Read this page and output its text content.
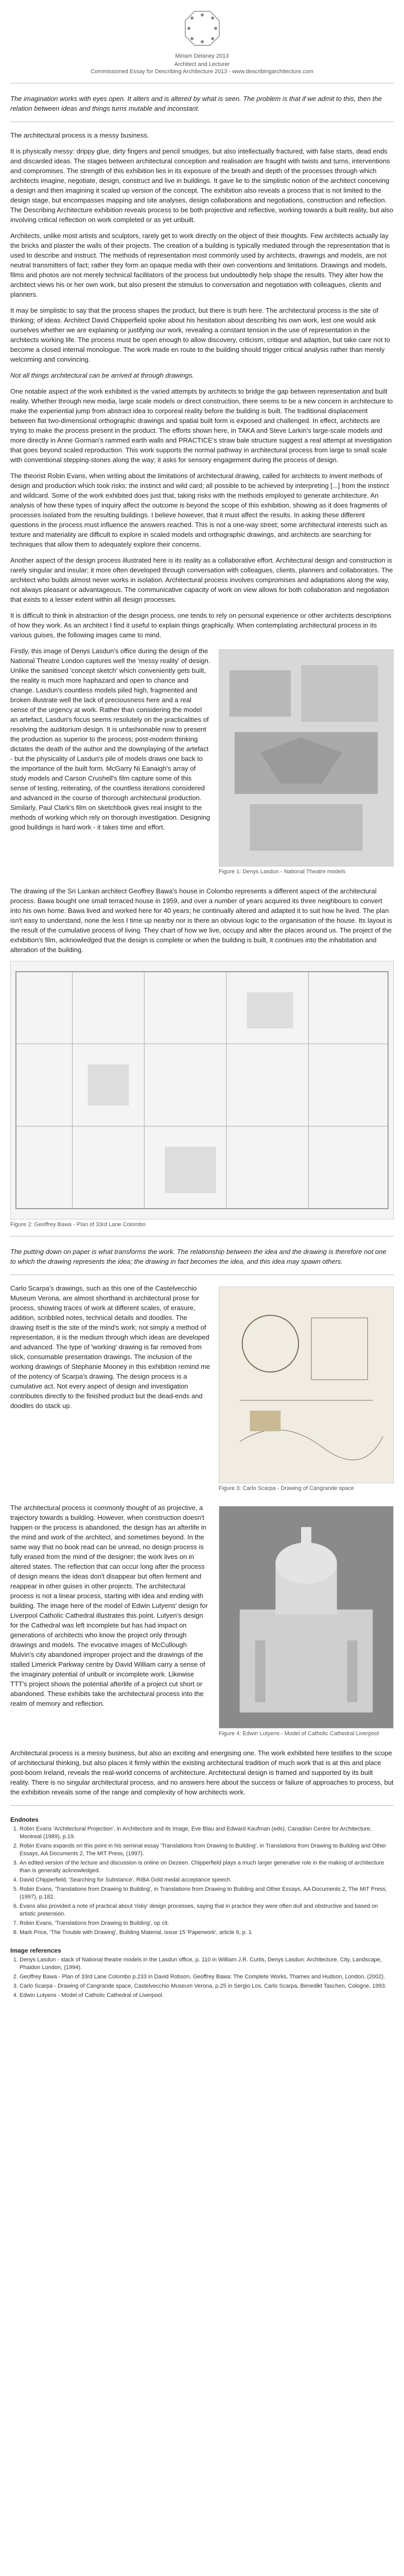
Miriam Delaney 2013
Architect and Lecturer
Commissioned Essay for Describing Architecture 2013 - www.describingarchitecture.com
The imagination works with eyes open. It alters and is altered by what is seen. The problem is that if we admit to this, then the relation between ideas and things turns mutable and inconstant.

The architectural process is a messy business.

It is physically messy: drippy glue, dirty fingers and pencil smudges, but also intellectually fractured, with false starts, dead ends and discarded ideas. The stages between architectural conception and realisation are fraught with twists and turns, interventions and compromises. The strength of this exhibition lies in its exposure of the breath and depth of the processes through which architects imagine, negotiate, design, construct and live in buildings. It gave lie to the simplistic notion of the architect conceiving a design and then imagining it scaled up version of the concept. The exhibition also reveals a process that is not limited to the design stage, but encompasses mapping and site analyses, design collaborations and negotiations, construction and reflection. The Describing Architecture exhibition reveals process to be both projective and reflective, working towards a built reality, but also involving critical reflection on work completed or as yet unbuilt.

Architects, unlike most artists and sculptors, rarely get to work directly on the object of their thoughts. Few architects actually lay the bricks and plaster the walls of their projects. The creation of a building is typically mediated through the representation that is used to describe and instruct. The methods of representation most commonly used by architects, drawings and models, are not neutral transmitters of fact; rather they form an opaque media with their own conventions and limitations. Drawings and models, films and photos are not merely technical facilitators of the process but undoubtedly help shape the results. They alter how the architect views his or her own work, but also present the stimulus to conversation and negotiation with colleagues, clients and planners.

It may be simplistic to say that the process shapes the product, but there is truth here. The architectural process is the site of thinking; of ideas. Architect David Chipperfield spoke about his hesitation about describing his own work, lest one would ask ourselves whether we are explaining or justifying our work, revealing a constant tension in the use of representation in the architects working life. The process must be open enough to allow discovery, criticism, critique and adaption, but take care not to become a closed internal monologue. The work made en route to the building should trigger critical analysis rather than merely welcoming and convincing.

Not all things architectural can be arrived at through drawings.

One notable aspect of the work exhibited is the varied attempts by architects to bridge the gap between representation and built reality. Whether through new media, large scale models or direct construction, there seems to be a new concern in architecture to make the experiential jump from abstract idea to corporeal reality before the building is built. The traditional displacement between flat two-dimensional orthographic drawings and spatial built form is exposed and challenged. In effect, architects are trying to make the process present in the product. The efforts shown here, in TAKA and Steve Larkin's large-scale models and more directly in Anne Gorman's rammed earth walls and PRACTICE's straw bale structure suggest a real attempt at investigation that goes beyond scaled reproduction. This work supports the normal pathway in architectural process from large to small scale with conventional stepping-stones along the way; it asks for sensory engagement during the process of design.

The theorist Robin Evans, when writing about the limitations of architectural drawing, called for architects to invent methods of design and production which took risks: the instinct and wild card; all possible to be achieved by interpreting [...] from the instinct and wildcard. Some of the work exhibited does just that, taking risks with the methods employed to generate architecture. An analysis of how these types of inquiry affect the outcome is beyond the scope of this exhibition, showing as it does fragments of processes isolated from the resulting buildings. I believe however, that it must affect the results. In asking these different questions in the process must influence the answers reached. This is not a one-way street; some architectural interests such as texture and materiality are difficult to explore in scaled models and orthographic drawings, and architects are searching for techniques that allow them to adequately explore their concerns.

Another aspect of the design process illustrated here is its reality as a collaborative effort. Architectural design and construction is rarely singular and insular; it more often developed through conversation with colleagues, clients, planners and collaborators. The architect who builds almost never works in isolation. Architectural process involves compromises and adaptations along the way, not always pleasant or advantageous. The communicative capacity of work on view allows for both collaboration and negotiation that exists to a lesser extent within all design processes.

It is difficult to think in abstraction of the design process, one tends to rely on personal experience or other architects descriptions of how they work. As an architect I find it useful to explain things graphically. When contemplating architectural process in its various guises, the following images came to mind.

Figure 1: Denys Lasdun - National Theatre models

Firstly, this image of Denys Lasdun's office during the design of the National Theatre London captures well the 'messy reality' of design. Unlike the sanitised 'concept sketch' which conveniently gets built, the reality is much more haphazard and open to chance and change. Lasdun's countless models piled high, fragmented and broken illustrate well the lack of preciousness here and a real sense of the urgency at work. Rather than considering the model an artefact, Lasdun's focus seems resolutely on the practicalities of resolving the auditorium design. It is unfashionable now to present the production as superior to the process; post-modern thinking dictates the death of the author and the downplaying of the artefact - but the physicality of Lasdun's pile of models draws one back to the importance of the built form. McGarry Ni Eanaigh's array of study models and Carson Crushell's film capture some of this sense of testing, reiterating, of the countless iterations considered and advanced in the course of thorough architectural production. Similarly, Paul Clark's film on sketchbook gives real insight to the methods of working which rely on thorough investigation. Designing good buildings is hard work - it takes time and effort.

The drawing of the Sri Lankan architect Geoffrey Bawa's house in Colombo represents a different aspect of the architectural process. Bawa bought one small terraced house in 1959, and over a number of years acquired its three neighbours to convert into his own home. Bawa lived and worked here for 40 years; he continually altered and adapted it to suit how he lived. The plan isn't easy to understand, none the less I time up nearby nor is there an obvious logic to the organisation of the house. Its layout is the result of the cumulative process of living. They chart of how we live, occupy and alter the places around us. The project of the exhibition's film, acknowledged that the design is complete or when the building is built, it continues into the inhabitation and alteration of the building.

Figure 2: Geoffrey Bawa - Plan of 33rd Lane Colombo
The putting down on paper is what transforms the work. The relationship between the idea and the drawing is therefore not one to which the drawing represents the idea; the drawing in fact becomes the idea, and this idea may spawn others.
Figure 3: Carlo Scarpa - Drawing of Cangrande space

Carlo Scarpa's drawings, such as this one of the Castelvecchio Museum Verona, are almost shorthand in architectural prose for process, showing traces of work at different scales, of erasure, addition, scribbled notes, technical details and doodles. The drawing itself is the site of the mind's work; not simply a method of representation, it is the medium through which ideas are developed and advanced. The type of 'working' drawing is far removed from slick, consumable presentation drawings. The inclusion of the working drawings of Stephanie Mooney in this exhibition remind me of the potency of Scarpa's drawing. The design process is a cumulative act. Not every aspect of design and investigation contributes directly to the finished product but the dead-ends and doodles do stack up.

Figure 4: Edwin Lutyens - Model of Catholic Cathedral Liverpool

The architectural process is commonly thought of as projective, a trajectory towards a building. However, when construction doesn't happen or the process is abandoned, the design has an afterlife in the mind and work of the architect, and sometimes beyond. In the same way that no book read can be unread, no design process is fully erased from the mind of the designer; the work lives on in altered states. The reflection that can occur long after the process of design means the ideas don't disappear but often ferment and reappear in other guises in other projects. The architectural process is not a linear process, starting with idea and ending with building. The image here of the model of Edwin Lutyens' design for Liverpool Catholic Cathedral illustrates this point. Lutyen's design for the Cathedral was left incomplete but has had impact on generations of architects who know the project only through drawings and models. The evocative images of McCullough Mulvin's city abandoned improper project and the drawings of the stalled Limerick Parkway centre by David William carry a sense of the imaginary potential of unbuilt or incomplete work. Likewise TTT's project shows the potential afterlife of a project cut short or abandoned. These exhibits take the architectural process into the realm of memory and reflection.

Architectural process is a messy business, but also an exciting and energising one. The work exhibited here testifies to the scope of architectural thinking, but also places it firmly within the existing architectural tradition of much work that is at this and place post-boom Ireland, reveals the real-world concerns of architecture. Architectural design is framed and supported by its built reality. There is no singular architectural process, and no answers here about the success or failure of approaches to process, but the exhibition reveals some of the range and complexity of how architects work.

Endnotes
1. Robin Evans 'Architectural Projection', in Architecture and its Image, Eve Blau and Edward Kaufman (eds), Canadian Centre for Architecture, Montreal (1989), p.19.
2. Robin Evans expands on this point in his seminal essay 'Translations from Drawing to Building', in Translations from Drawing to Building and Other Essays, AA Documents 2, The MIT Press, (1997).
3. An edited version of the lecture and discussion is online on Dezeen. Chipperfield plays a much larger generative role in the making of architecture than is generally acknowledged.
4. David Chipperfield, 'Searching for Substance', RIBA Gold medal acceptance speech.
5. Robin Evans, 'Translations from Drawing to Building', in Translations from Drawing to Building and Other Essays, AA Documents 2, The MIT Press, (1997), p.182.
6. Evans also provided a note of practical about 'risky' design processes, saying that in practice they were often dull and obstructive and based on artistic pretension.
7. Robin Evans, 'Translations from Drawing to Building', op cit.
8. Mark Price, 'The Trouble with Drawing', Building Material, issue 15 'Paperwork', article 6, p. 1
Image references
1. Denys Lasdun - stack of National theatre models in the Lasdun office, p. 110 in William J.R. Curtis, Denys Lasdun: Architecture, City, Landscape, Phaidon London, (1994).
2. Geoffrey Bawa - Plan of 33rd Lane Colombo p.233 in David Robson, Geoffrey Bawa: The Complete Works, Thames and Hudson, London, (2002).
3. Carlo Scarpa - Drawing of Cangrande space, Castelvecchio Museum Verona, p.25 in Sergio Los, Carlo Scarpa, Benedikt Taschen, Cologne, 1993.
4. Edwin Lutyens - Model of Catholic Cathedral of Liverpool.
